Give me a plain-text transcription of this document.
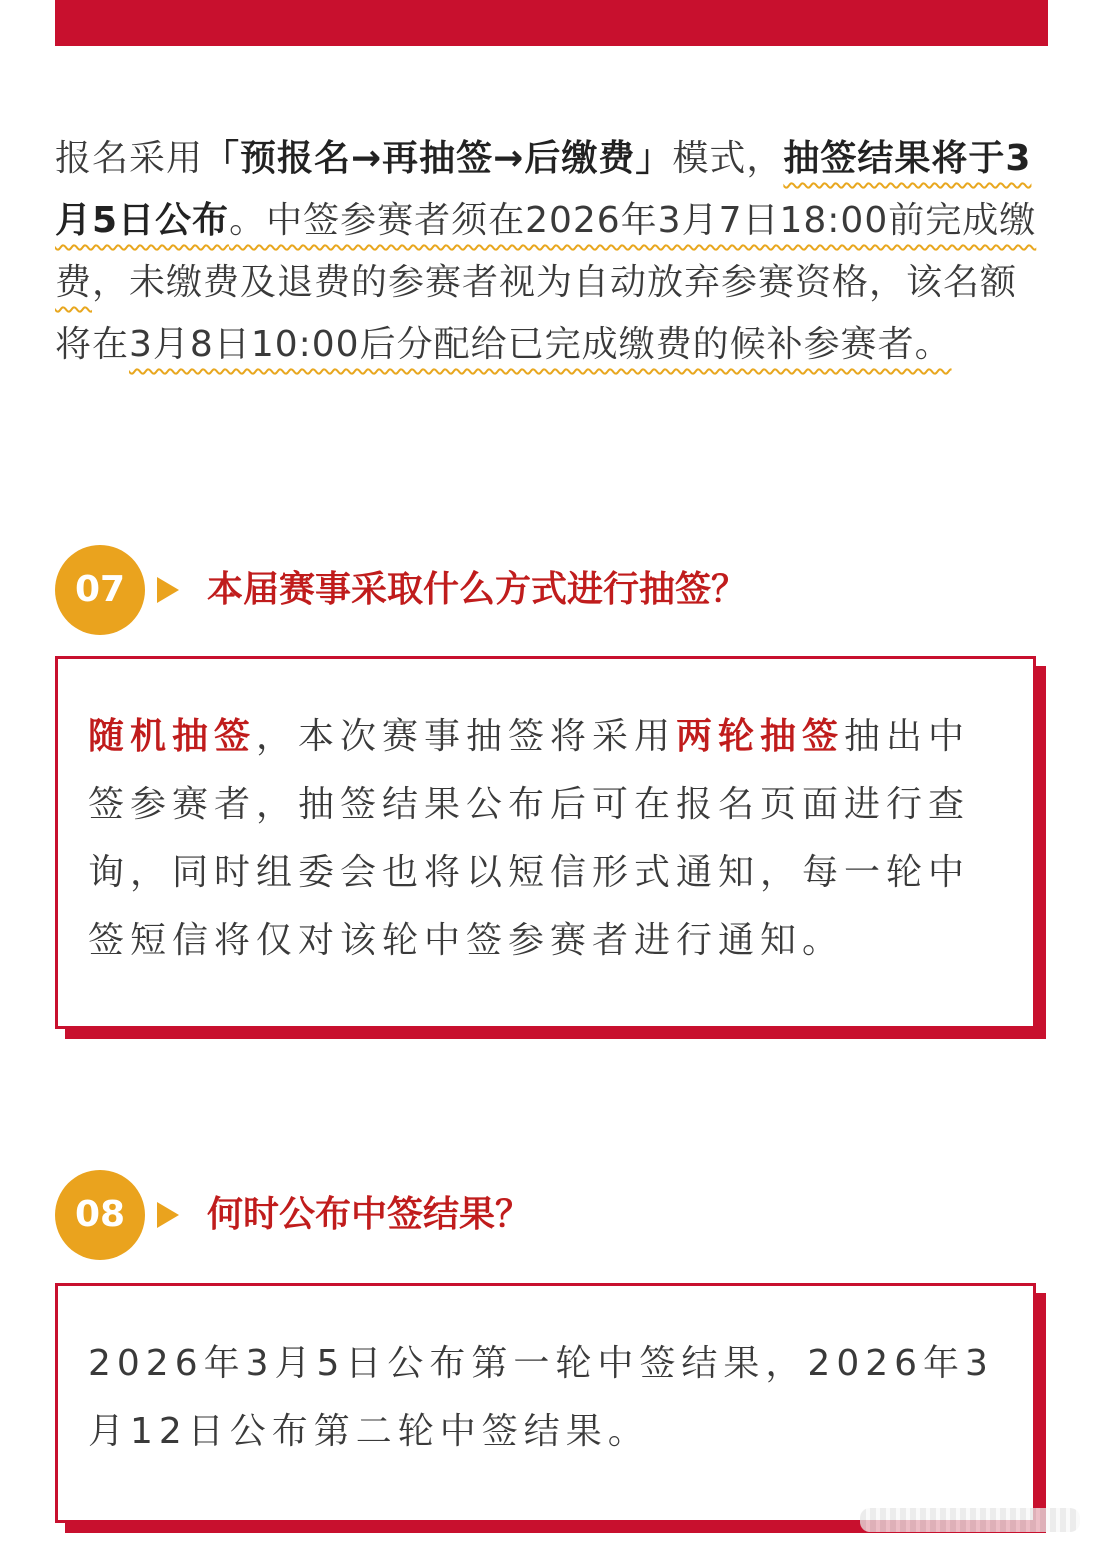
报名采用「预报名→再抽签→后缴费」模式，抽签结果将于3月5日公布。中签参赛者须在2026年3月7日18:00前完成缴费，未缴费及退费的参赛者视为自动放弃参赛资格，该名额将在3月8日10:00后分配给已完成缴费的候补参赛者。
07	本届赛事采取什么方式进行抽签？
随机抽签，本次赛事抽签将采用两轮抽签抽出中签参赛者，抽签结果公布后可在报名页面进行查询，同时组委会也将以短信形式通知，每一轮中签短信将仅对该轮中签参赛者进行通知。
08	何时公布中签结果？
2026年3月5日公布第一轮中签结果，2026年3月12日公布第二轮中签结果。
